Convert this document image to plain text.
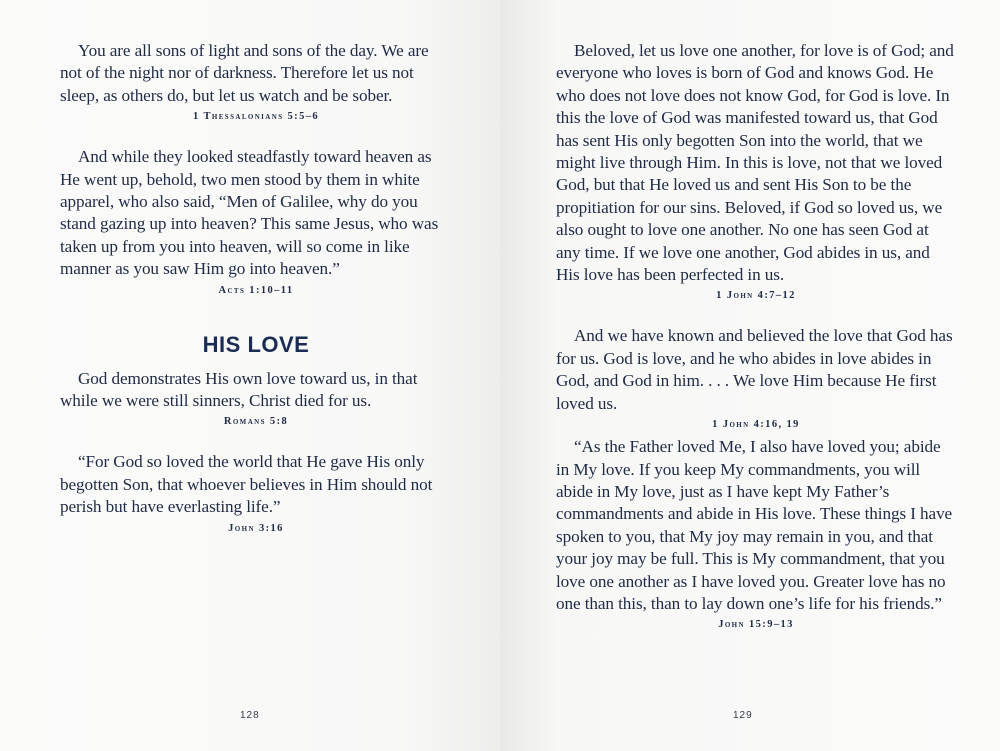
You are all sons of light and sons of the day. We are not of the night nor of darkness. Therefore let us not sleep, as others do, but let us watch and be sober.

1 Thessalonians 5:5–6

And while they looked steadfastly toward heaven as He went up, behold, two men stood by them in white apparel, who also said, “Men of Galilee, why do you stand gazing up into heaven? This same Jesus, who was taken up from you into heaven, will so come in like manner as you saw Him go into heaven.”

Acts 1:10–11

HIS LOVE

God demonstrates His own love toward us, in that while we were still sinners, Christ died for us.

Romans 5:8

“For God so loved the world that He gave His only begotten Son, that whoever believes in Him should not perish but have everlasting life.”

John 3:16

128

Beloved, let us love one another, for love is of God; and everyone who loves is born of God and knows God. He who does not love does not know God, for God is love. In this the love of God was manifested toward us, that God has sent His only begotten Son into the world, that we might live through Him. In this is love, not that we loved God, but that He loved us and sent His Son to be the propitiation for our sins. Beloved, if God so loved us, we also ought to love one another. No one has seen God at any time. If we love one another, God abides in us, and His love has been perfected in us.

1 John 4:7–12

And we have known and believed the love that God has for us. God is love, and he who abides in love abides in God, and God in him. . . . We love Him because He first loved us.

1 John 4:16, 19

“As the Father loved Me, I also have loved you; abide in My love. If you keep My commandments, you will abide in My love, just as I have kept My Father’s commandments and abide in His love. These things I have spoken to you, that My joy may remain in you, and that your joy may be full. This is My commandment, that you love one another as I have loved you. Greater love has no one than this, than to lay down one’s life for his friends.”

John 15:9–13

129
